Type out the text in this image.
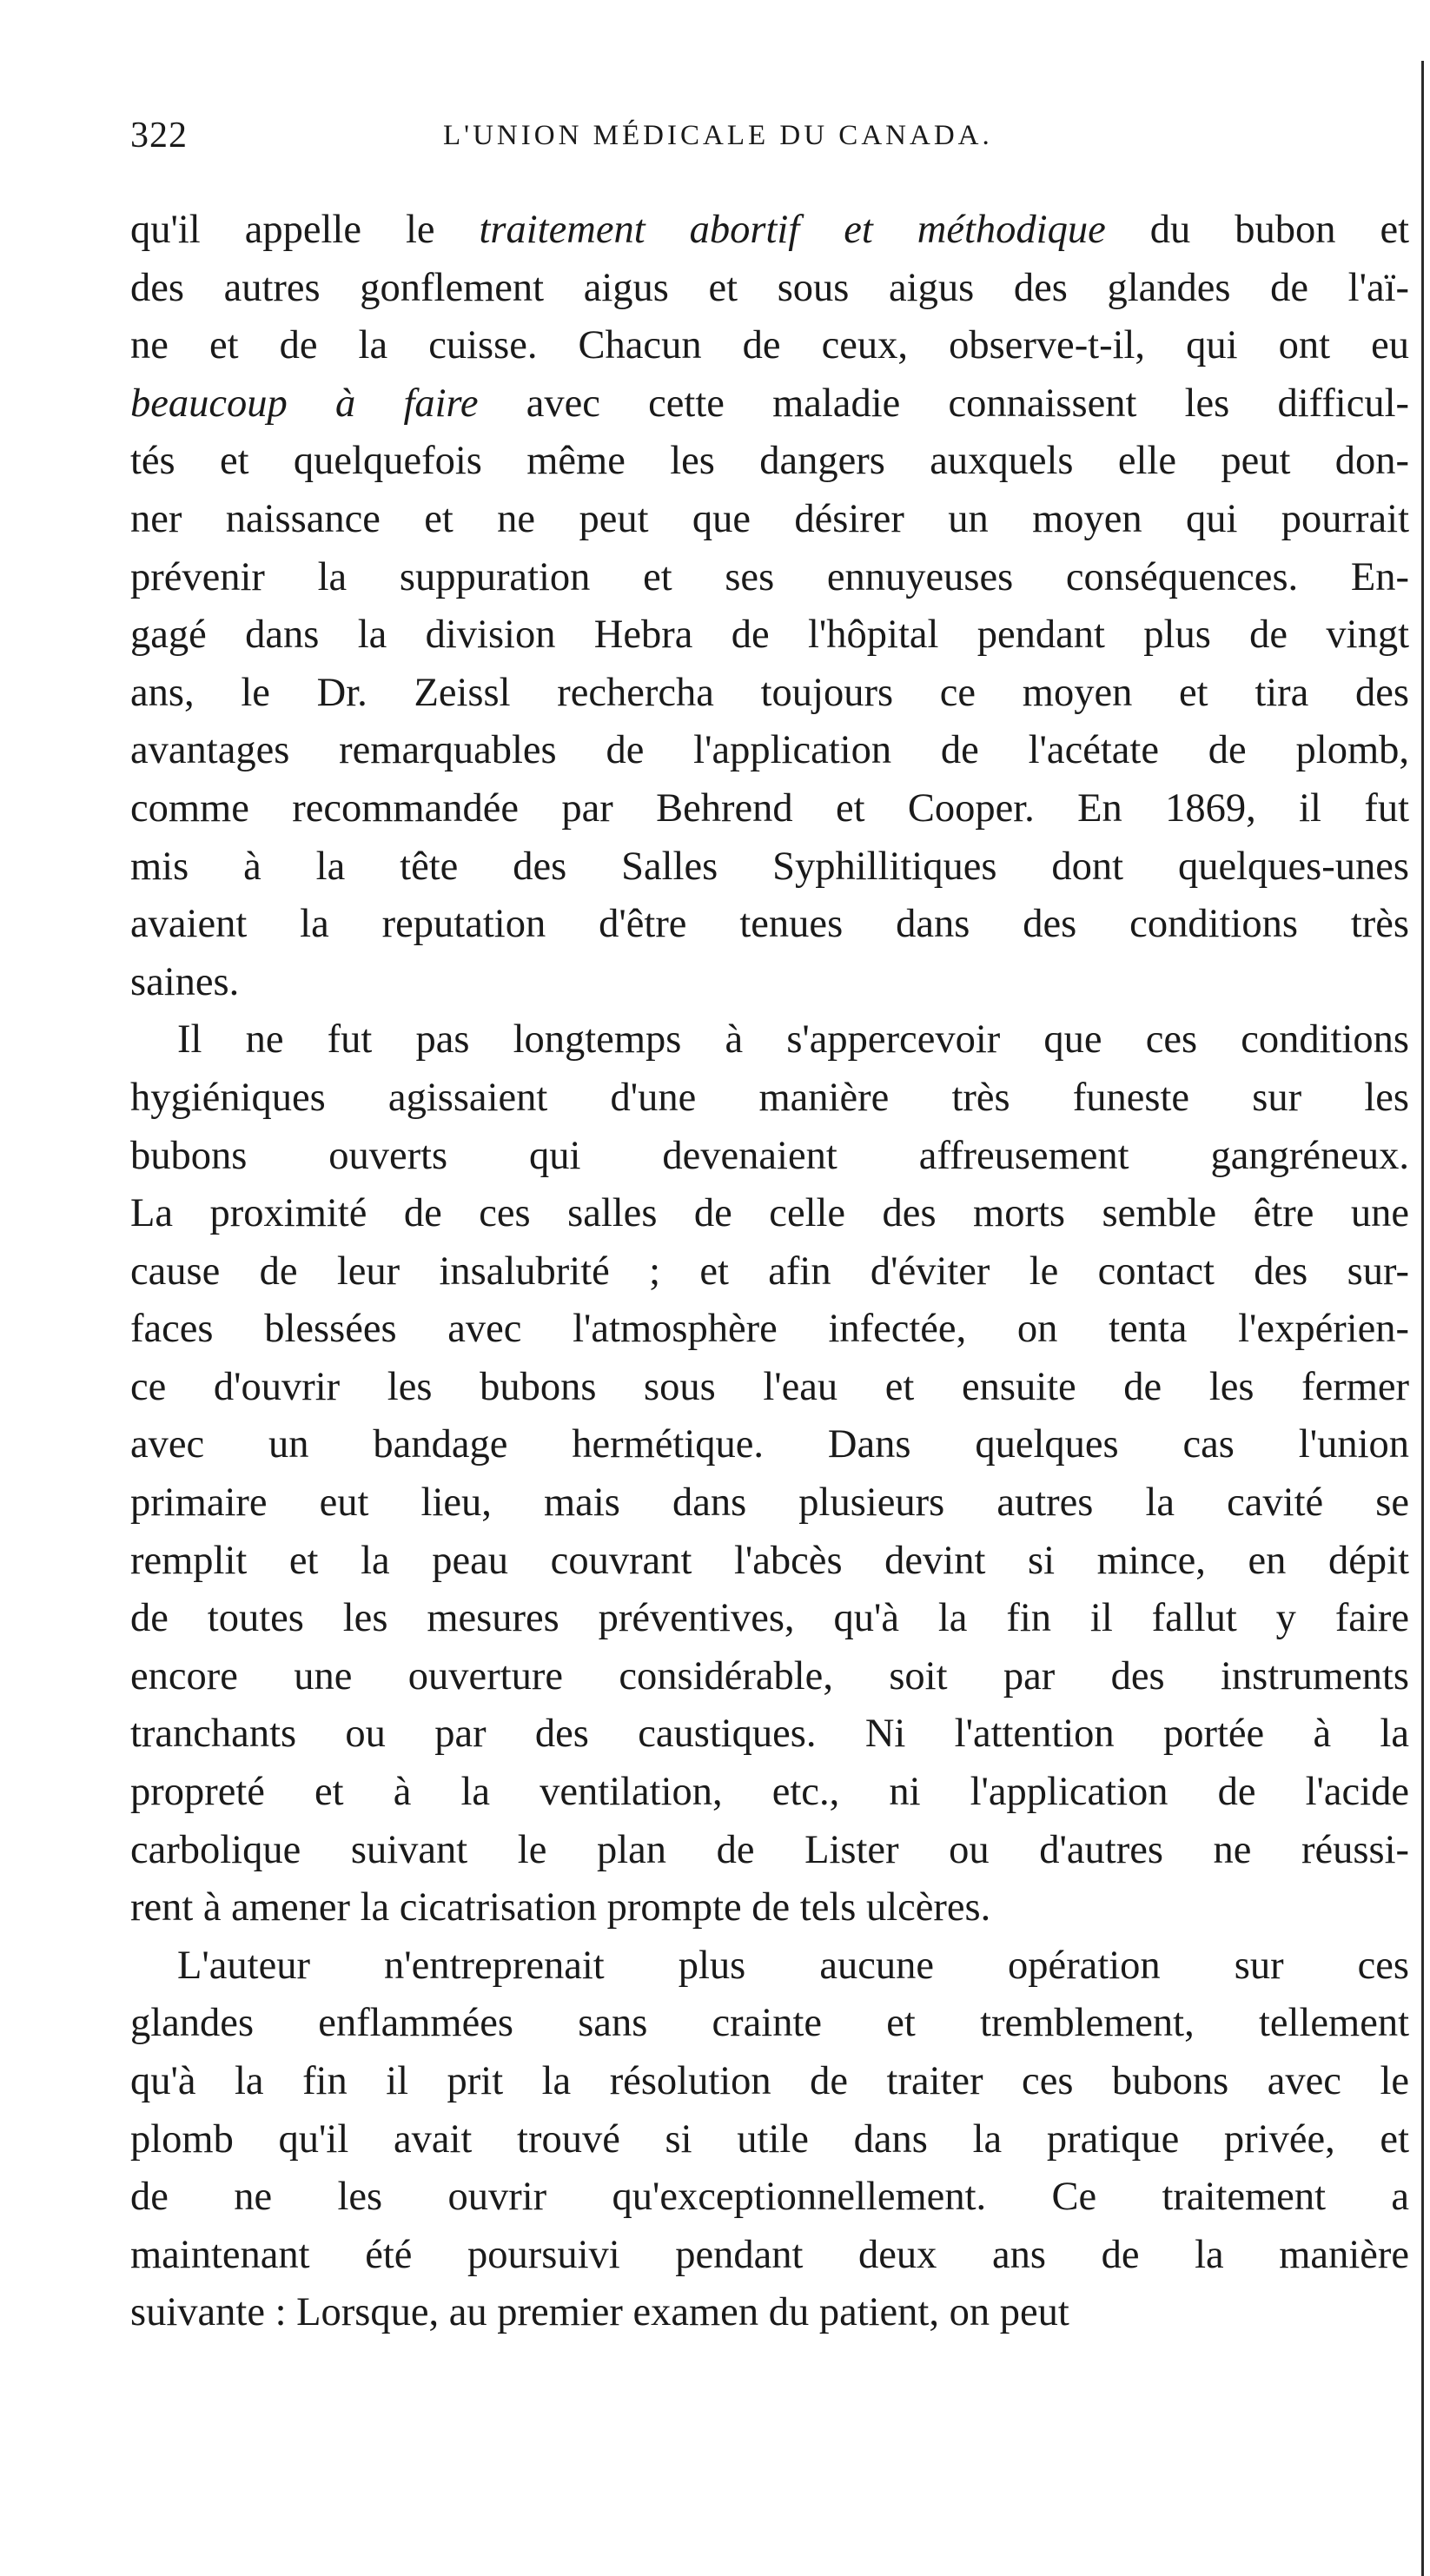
322	L'UNION MÉDICALE DU CANADA.
qu'il appelle le traitement abortif et méthodique du bubon et
des autres gonflement aigus et sous aigus des glandes de l'aï-
ne et de la cuisse. Chacun de ceux, observe-t-il, qui ont eu
beaucoup à faire avec cette maladie connaissent les difficul-
tés et quelquefois même les dangers auxquels elle peut don-
ner naissance et ne peut que désirer un moyen qui pourrait
prévenir la suppuration et ses ennuyeuses conséquences. En-
gagé dans la division Hebra de l'hôpital pendant plus de vingt
ans, le Dr. Zeissl rechercha toujours ce moyen et tira des
avantages remarquables de l'application de l'acétate de plomb,
comme recommandée par Behrend et Cooper. En 1869, il fut
mis à la tête des Salles Syphillitiques dont quelques-unes
avaient la reputation d'être tenues dans des conditions très
saines.
Il ne fut pas longtemps à s'appercevoir que ces conditions
hygiéniques agissaient d'une manière très funeste sur les
bubons ouverts qui devenaient affreusement gangréneux.
La proximité de ces salles de celle des morts semble être une
cause de leur insalubrité ; et afin d'éviter le contact des sur-
faces blessées avec l'atmosphère infectée, on tenta l'expérien-
ce d'ouvrir les bubons sous l'eau et ensuite de les fermer
avec un bandage hermétique. Dans quelques cas l'union
primaire eut lieu, mais dans plusieurs autres la cavité se
remplit et la peau couvrant l'abcès devint si mince, en dépit
de toutes les mesures préventives, qu'à la fin il fallut y faire
encore une ouverture considérable, soit par des instruments
tranchants ou par des caustiques. Ni l'attention portée à la
propreté et à la ventilation, etc., ni l'application de l'acide
carbolique suivant le plan de Lister ou d'autres ne réussi-
rent à amener la cicatrisation prompte de tels ulcères.
L'auteur n'entreprenait plus aucune opération sur ces
glandes enflammées sans crainte et tremblement, tellement
qu'à la fin il prit la résolution de traiter ces bubons avec le
plomb qu'il avait trouvé si utile dans la pratique privée, et
de ne les ouvrir qu'exceptionnellement. Ce traitement a
maintenant été poursuivi pendant deux ans de la manière
suivante : Lorsque, au premier examen du patient, on peut
